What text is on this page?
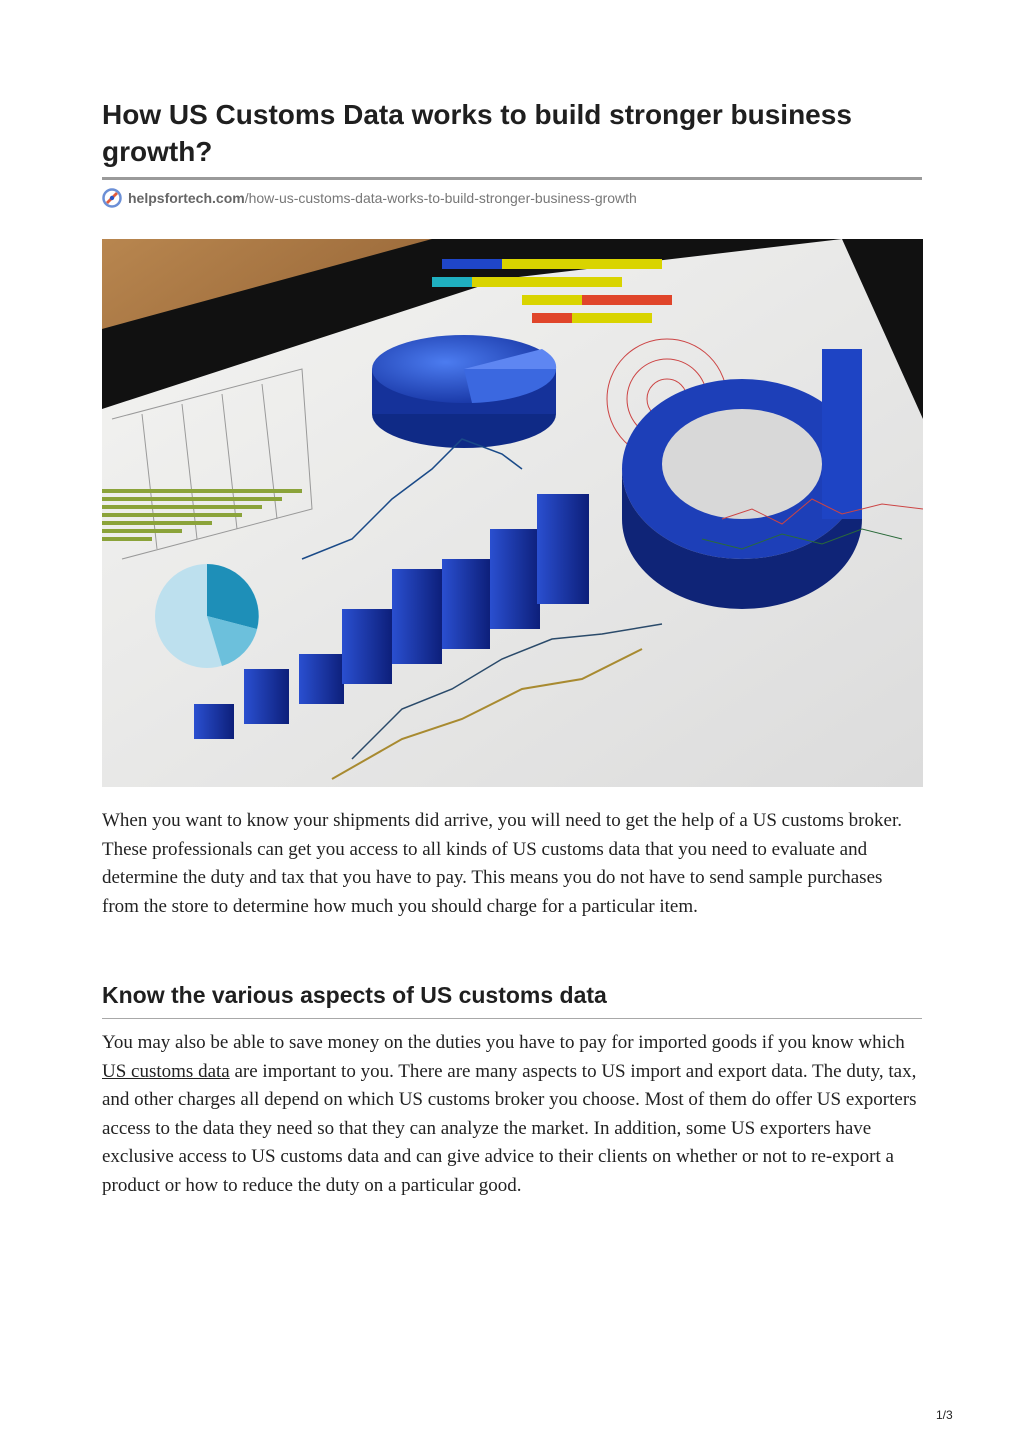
How US Customs Data works to build stronger business growth?
helpsfortech.com /how-us-customs-data-works-to-build-stronger-business-growth

When you want to know your shipments did arrive, you will need to get the help of a US customs broker. These professionals can get you access to all kinds of US customs data that you need to evaluate and determine the duty and tax that you have to pay. This means you do not have to send sample purchases from the store to determine how much you should charge for a particular item.

Know the various aspects of US customs data

You may also be able to save money on the duties you have to pay for imported goods if you know which US customs data are important to you. There are many aspects to US import and export data. The duty, tax, and other charges all depend on which US customs broker you choose. Most of them do offer US exporters access to the data they need so that they can analyze the market. In addition, some US exporters have exclusive access to US customs data and can give advice to their clients on whether or not to re-export a product or how to reduce the duty on a particular good.

1/3
